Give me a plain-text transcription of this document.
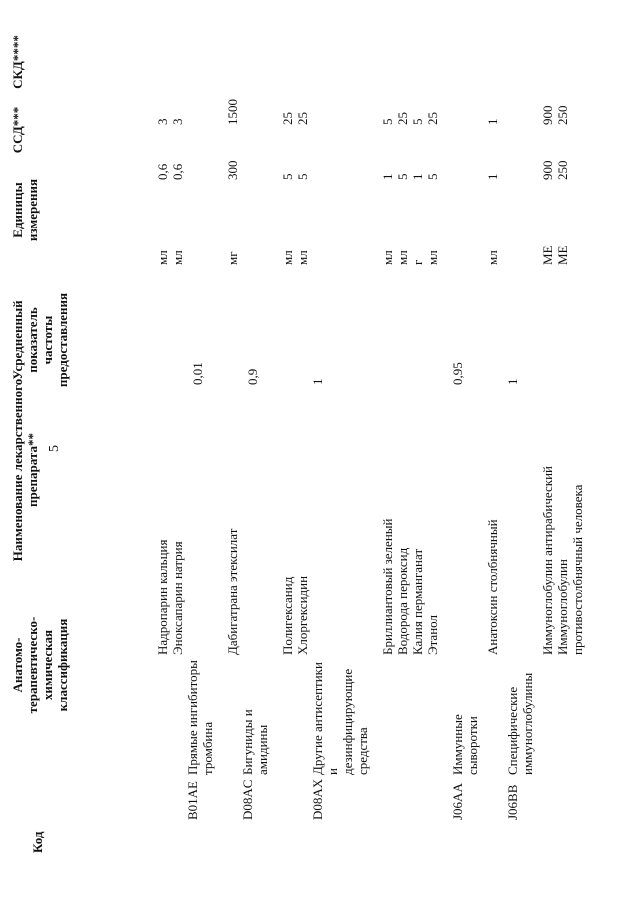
5
Код
Анатомо- терапевтическо- химическая классификация
Наименование лекарственного препарата**
Усредненный показатель частоты предоставления
Единицы измерения
ССД***
СКД****
B01AE
Прямые ингибиторы тромбина
Надропарин кальция Эноксапарин натрия
0,01
мл мл
0,6 0,6
3 3
D08AC
Бигуниды и амидины
Дабигатрана этексилат
0,9
мг
300
1500
Полигексанид Хлоргексидин
мл мл
5 5
25 25
D08AX
Другие антисептики и дезинфицирующие средства
1
Бриллиантовый зеленый Водорода пероксид Калия перманганат Этанол
мл мл г мл
1 5 1 5
5 25 5 25
J06AA
Иммунные сыворотки
Анатоксин столбнячный
0,95
мл
1
1
J06BB
Специфические иммуноглобулины
1
Иммуноглобулин антирабический Иммуноглобулин противостолбнячный человека
МЕ МЕ
900 250
900 250
